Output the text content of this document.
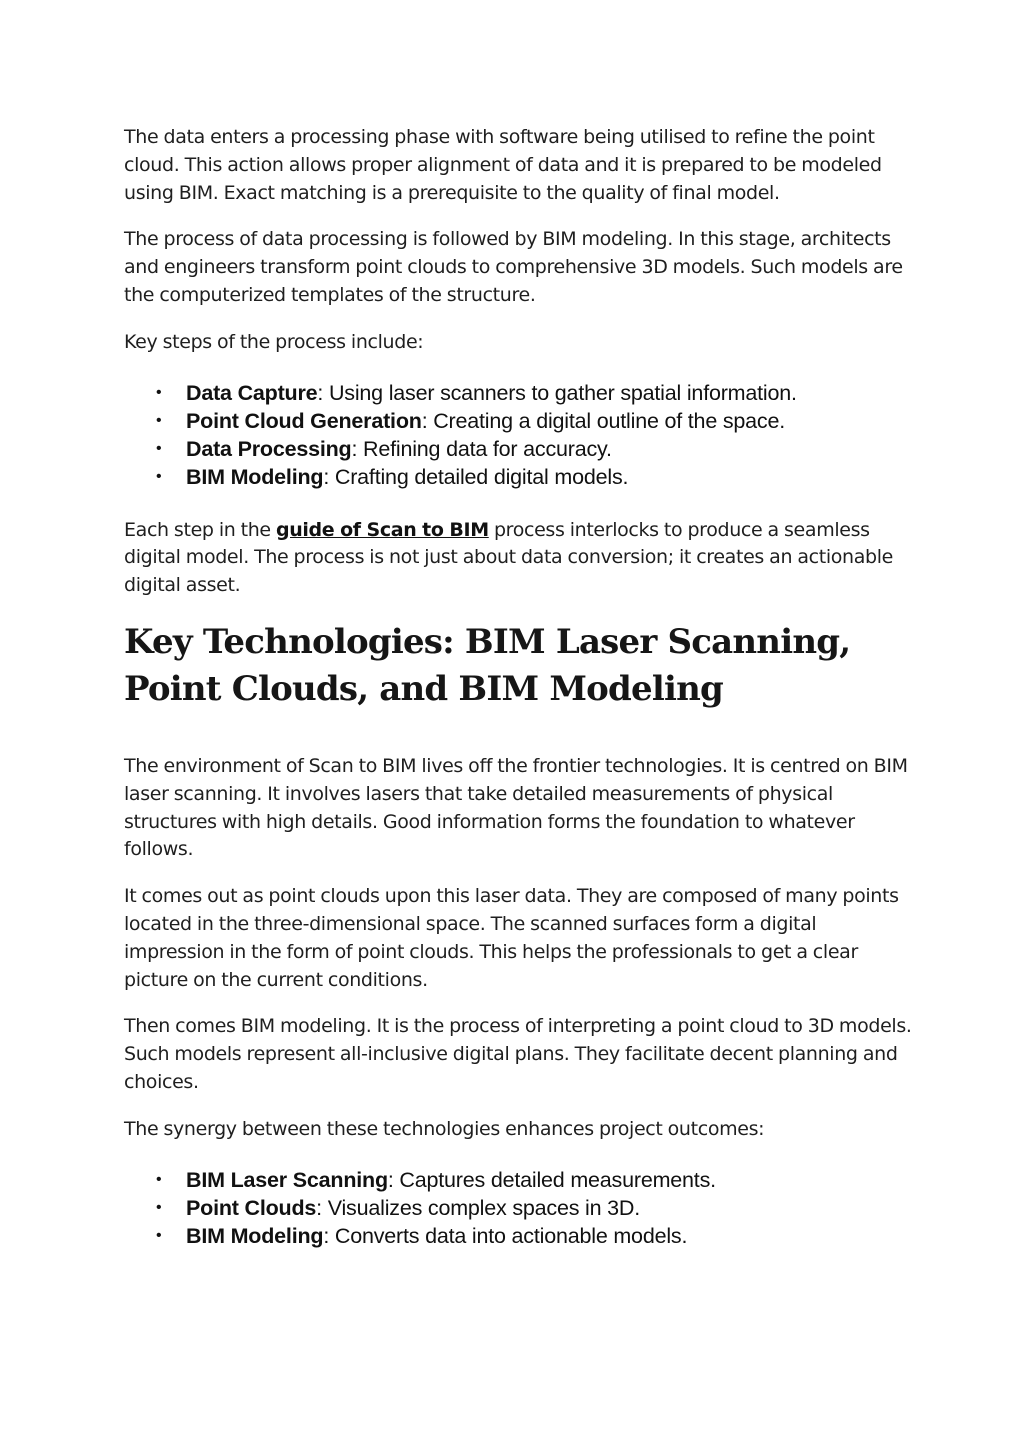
The data enters a processing phase with software being utilised to refine the point cloud. This action allows proper alignment of data and it is prepared to be modeled using BIM. Exact matching is a prerequisite to the quality of final model.

The process of data processing is followed by BIM modeling. In this stage, architects and engineers transform point clouds to comprehensive 3D models. Such models are the computerized templates of the structure.

Key steps of the process include:

• Data Capture: Using laser scanners to gather spatial information.
• Point Cloud Generation: Creating a digital outline of the space.
• Data Processing: Refining data for accuracy.
• BIM Modeling: Crafting detailed digital models.

Each step in the guide of Scan to BIM process interlocks to produce a seamless digital model. The process is not just about data conversion; it creates an actionable digital asset.

Key Technologies: BIM Laser Scanning, Point Clouds, and BIM Modeling

The environment of Scan to BIM lives off the frontier technologies. It is centred on BIM laser scanning. It involves lasers that take detailed measurements of physical structures with high details. Good information forms the foundation to whatever follows.

It comes out as point clouds upon this laser data. They are composed of many points located in the three-dimensional space. The scanned surfaces form a digital impression in the form of point clouds. This helps the professionals to get a clear picture on the current conditions.

Then comes BIM modeling. It is the process of interpreting a point cloud to 3D models. Such models represent all-inclusive digital plans. They facilitate decent planning and choices.

The synergy between these technologies enhances project outcomes:

• BIM Laser Scanning: Captures detailed measurements.
• Point Clouds: Visualizes complex spaces in 3D.
• BIM Modeling: Converts data into actionable models.
